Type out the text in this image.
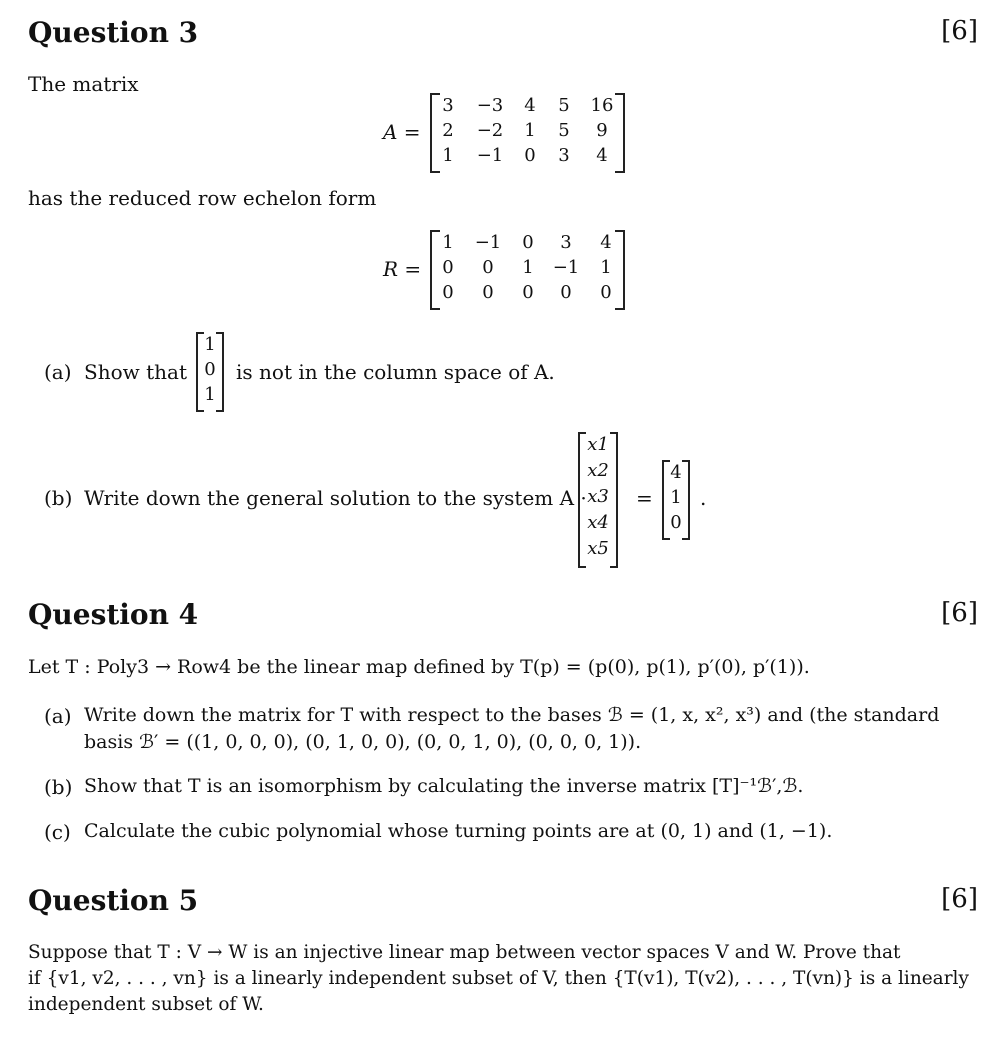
Question 3	[6]
The matrix
A =
3	−3	4	5	16
2	−2	1	5	9
1	−1	0	3	4
has the reduced row echelon form
R =
1	−1	0	3	4
0	0	1	−1	1
0	0	0	0	0
(a) Show that
1
0
1
is not in the column space of A.
(b) Write down the general solution to the system A ·
x1
x2
x3
x4
x5
=
4
1
0
.
Question 4	[6]
Let T : Poly3 → Row4 be the linear map defined by T(p) = (p(0), p(1), p′(0), p′(1)).
(a) Write down the matrix for T with respect to the bases ℬ = (1, x, x², x³) and (the standard
basis ℬ′ = ((1, 0, 0, 0), (0, 1, 0, 0), (0, 0, 1, 0), (0, 0, 0, 1)).
(b) Show that T is an isomorphism by calculating the inverse matrix [T]⁻¹ℬ′,ℬ.
(c) Calculate the cubic polynomial whose turning points are at (0, 1) and (1, −1).
Question 5	[6]
Suppose that T : V → W is an injective linear map between vector spaces V and W. Prove that
if {v1, v2, . . . , vn} is a linearly independent subset of V, then {T(v1), T(v2), . . . , T(vn)} is a linearly
independent subset of W.
